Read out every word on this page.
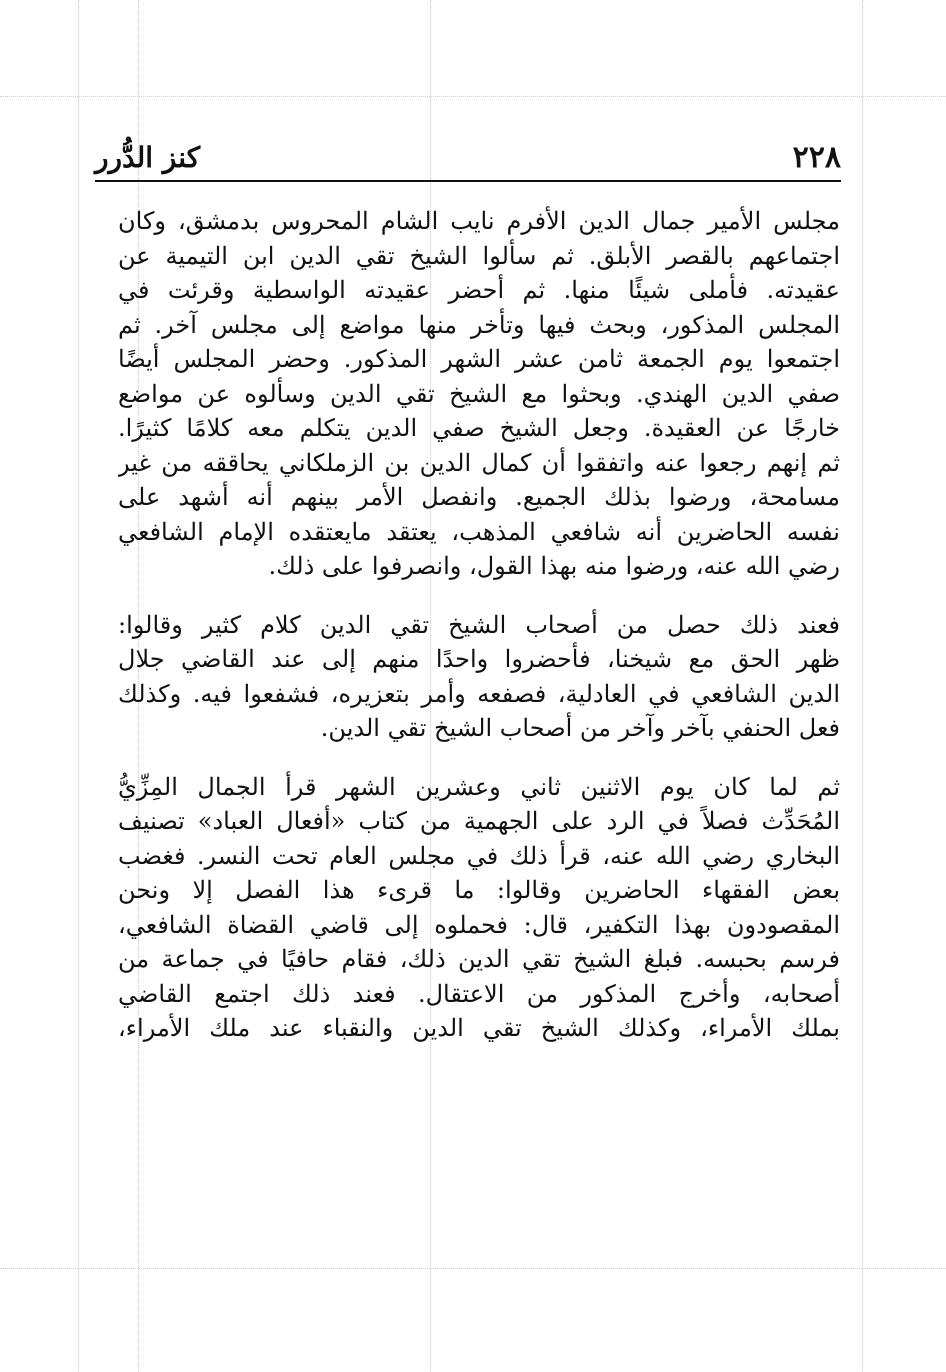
٢٢٨
كنز الدُّرر

مجلس الأمير جمال الدين الأفرم نايب الشام المحروس بدمشق، وكان
اجتماعهم بالقصر الأبلق. ثم سألوا الشيخ تقي الدين ابن التيمية عن
عقيدته. فأملى شيئًا منها. ثم أحضر عقيدته الواسطية وقرئت في
المجلس المذكور، وبحث فيها وتأخر منها مواضع إلى مجلس آخر. ثم
اجتمعوا يوم الجمعة ثامن عشر الشهر المذكور. وحضر المجلس أيضًا
صفي الدين الهندي. وبحثوا مع الشيخ تقي الدين وسألوه عن مواضع
خارجًا عن العقيدة. وجعل الشيخ صفي الدين يتكلم معه كلامًا كثيرًا.
ثم إنهم رجعوا عنه واتفقوا أن كمال الدين بن الزملكاني يحاققه من غير
مسامحة، ورضوا بذلك الجميع. وانفصل الأمر بينهم أنه أشهد على
نفسه الحاضرين أنه شافعي المذهب، يعتقد مايعتقده الإمام الشافعي
رضي الله عنه، ورضوا منه بهذا القول، وانصرفوا على ذلك.

فعند ذلك حصل من أصحاب الشيخ تقي الدين كلام كثير وقالوا:
ظهر الحق مع شيخنا، فأحضروا واحدًا منهم إلى عند القاضي جلال
الدين الشافعي في العادلية، فصفعه وأمر بتعزيره، فشفعوا فيه. وكذلك
فعل الحنفي بآخر وآخر من أصحاب الشيخ تقي الدين.

ثم لما كان يوم الاثنين ثاني وعشرين الشهر قرأ الجمال المِزِّيُّ
المُحَدِّث فصلاً في الرد على الجهمية من كتاب «أفعال العباد» تصنيف
البخاري رضي الله عنه، قرأ ذلك في مجلس العام تحت النسر. فغضب
بعض الفقهاء الحاضرين وقالوا: ما قرىء هذا الفصل إلا ونحن
المقصودون بهذا التكفير، قال: فحملوه إلى قاضي القضاة الشافعي،
فرسم بحبسه. فبلغ الشيخ تقي الدين ذلك، فقام حافيًا في جماعة من
أصحابه، وأخرج المذكور من الاعتقال. فعند ذلك اجتمع القاضي
بملك الأمراء، وكذلك الشيخ تقي الدين والنقباء عند ملك الأمراء،
